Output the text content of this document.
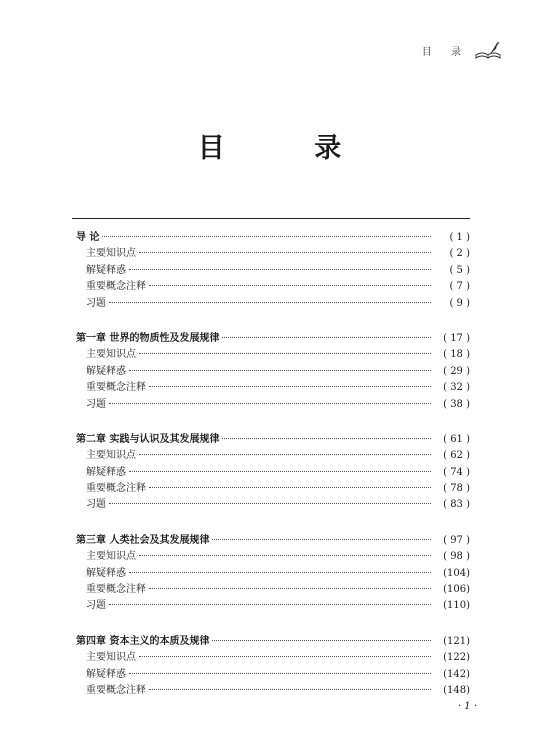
目 录
目 录
导 论	( 1 )
主要知识点	( 2 )
解疑释惑	( 5 )
重要概念注释	( 7 )
习题	( 9 )
第一章 世界的物质性及发展规律	( 17 )
主要知识点	( 18 )
解疑释惑	( 29 )
重要概念注释	( 32 )
习题	( 38 )
第二章 实践与认识及其发展规律	( 61 )
主要知识点	( 62 )
解疑释惑	( 74 )
重要概念注释	( 78 )
习题	( 83 )
第三章 人类社会及其发展规律	( 97 )
主要知识点	( 98 )
解疑释惑	(104)
重要概念注释	(106)
习题	(110)
第四章 资本主义的本质及规律	(121)
主要知识点	(122)
解疑释惑	(142)
重要概念注释	(148)
· 1 ·
